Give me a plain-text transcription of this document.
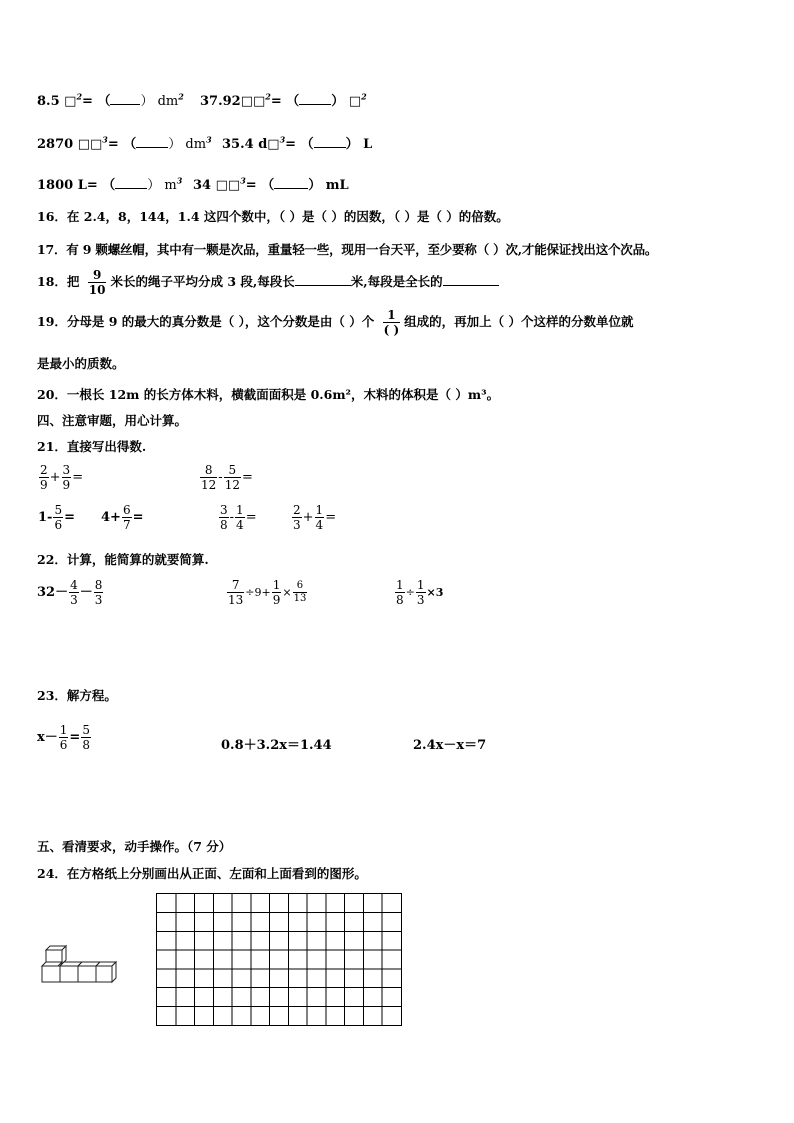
8.5 □$^2$= （ ） $dm^2$ 37.92□□$^2$= （ ） □$^2$
2870 □□$^3$= （ ） $dm^3$ 35.4 d□$^3$= （ ） L
1800 L= （ ） $m^3$ 34 □□$^3$= （	） mL
16．在 2.4，8，144，1.4 这四个数中，（ ）是（ ）的因数，（ ）是（ ）的倍数。
17．有 9 颗螺丝帽，其中有一颗是次品，重量轻一些，现用一台天平，至少要称（ ）次,才能保证找出这个次品。
18．把 $\frac{9}{10}$ 米长的绳子平均分成 3 段,每段长	米,每段是全长的
19．分母是 9 的最大的真分数是（ ），这个分数是由（ ）个 $\frac{1}{( )}$ 组成的，再加上（ ）个这样的分数单位就
是最小的质数。
20．一根长 12m 的长方体木料，横截面面积是 0.6m²，木料的体积是（ ）m³。
四、注意审题，用心计算。
21．直接写出得数.
$\frac{2}{9} + \frac{3}{9}$ =	$\frac{8}{12} - \frac{5}{12}$ =
$1- \frac{5}{6} = 4+ \frac{6}{7}$ =	$\frac{3}{8} - \frac{1}{4}$ =	$\frac{2}{3} + \frac{1}{4}$ =
22．计算，能简算的就要简算.
$32- \frac{4}{3} - \frac{8}{3}$	$\frac{7}{13} \div 9+ \frac{1}{9} \times \frac{6}{13}$	$\frac{1}{8} \div \frac{1}{3} \times 3$
23．解方程。
$x- \frac{1}{6} = \frac{5}{8}$	0.8＋3.2x＝1.44	2.4x－x＝7
五、看清要求，动手操作。（7 分）
24．在方格纸上分别画出从正面、左面和上面看到的图形。
